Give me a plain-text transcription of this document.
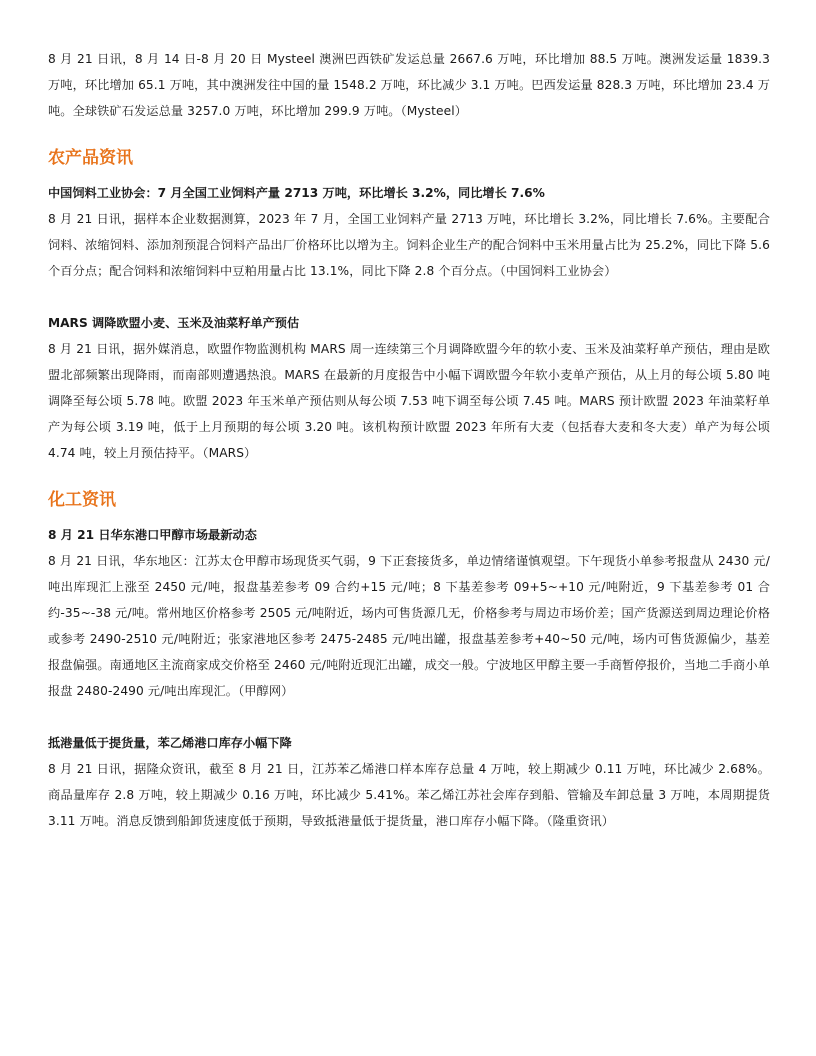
8 月 21 日讯，8 月 14 日-8 月 20 日 Mysteel 澳洲巴西铁矿发运总量 2667.6 万吨，环比增加 88.5 万吨。澳洲发运量 1839.3 万吨，环比增加 65.1 万吨，其中澳洲发往中国的量 1548.2 万吨，环比减少 3.1 万吨。巴西发运量 828.3 万吨，环比增加 23.4 万吨。全球铁矿石发运总量 3257.0 万吨，环比增加 299.9 万吨。（Mysteel）

农产品资讯

中国饲料工业协会：7 月全国工业饲料产量 2713 万吨，环比增长 3.2%，同比增长 7.6%

8 月 21 日讯，据样本企业数据测算，2023 年 7 月，全国工业饲料产量 2713 万吨，环比增长 3.2%，同比增长 7.6%。主要配合饲料、浓缩饲料、添加剂预混合饲料产品出厂价格环比以增为主。饲料企业生产的配合饲料中玉米用量占比为 25.2%，同比下降 5.6 个百分点；配合饲料和浓缩饲料中豆粕用量占比 13.1%，同比下降 2.8 个百分点。（中国饲料工业协会）

MARS 调降欧盟小麦、玉米及油菜籽单产预估

8 月 21 日讯，据外媒消息，欧盟作物监测机构 MARS 周一连续第三个月调降欧盟今年的软小麦、玉米及油菜籽单产预估，理由是欧盟北部频繁出现降雨，而南部则遭遇热浪。MARS 在最新的月度报告中小幅下调欧盟今年软小麦单产预估，从上月的每公顷 5.80 吨调降至每公顷 5.78 吨。欧盟 2023 年玉米单产预估则从每公顷 7.53 吨下调至每公顷 7.45 吨。MARS 预计欧盟 2023 年油菜籽单产为每公顷 3.19 吨，低于上月预期的每公顷 3.20 吨。该机构预计欧盟 2023 年所有大麦（包括春大麦和冬大麦）单产为每公顷 4.74 吨，较上月预估持平。（MARS）

化工资讯

8 月 21 日华东港口甲醇市场最新动态

8 月 21 日讯，华东地区：江苏太仓甲醇市场现货买气弱，9 下正套接货多，单边情绪谨慎观望。下午现货小单参考报盘从 2430 元/吨出库现汇上涨至 2450 元/吨，报盘基差参考 09 合约+15 元/吨；8 下基差参考 09+5~+10 元/吨附近，9 下基差参考 01 合约-35~-38 元/吨。常州地区价格参考 2505 元/吨附近，场内可售货源几无，价格参考与周边市场价差；国产货源送到周边理论价格或参考 2490-2510 元/吨附近；张家港地区参考 2475-2485 元/吨出罐，报盘基差参考+40~50 元/吨，场内可售货源偏少，基差报盘偏强。南通地区主流商家成交价格至 2460 元/吨附近现汇出罐，成交一般。宁波地区甲醇主要一手商暂停报价，当地二手商小单报盘 2480-2490 元/吨出库现汇。（甲醇网）

抵港量低于提货量，苯乙烯港口库存小幅下降

8 月 21 日讯，据隆众资讯，截至 8 月 21 日，江苏苯乙烯港口样本库存总量 4 万吨，较上期减少 0.11 万吨，环比减少 2.68%。商品量库存 2.8 万吨，较上期减少 0.16 万吨，环比减少 5.41%。苯乙烯江苏社会库存到船、管输及车卸总量 3 万吨，本周期提货 3.11 万吨。消息反馈到船卸货速度低于预期，导致抵港量低于提货量，港口库存小幅下降。（隆重资讯）
